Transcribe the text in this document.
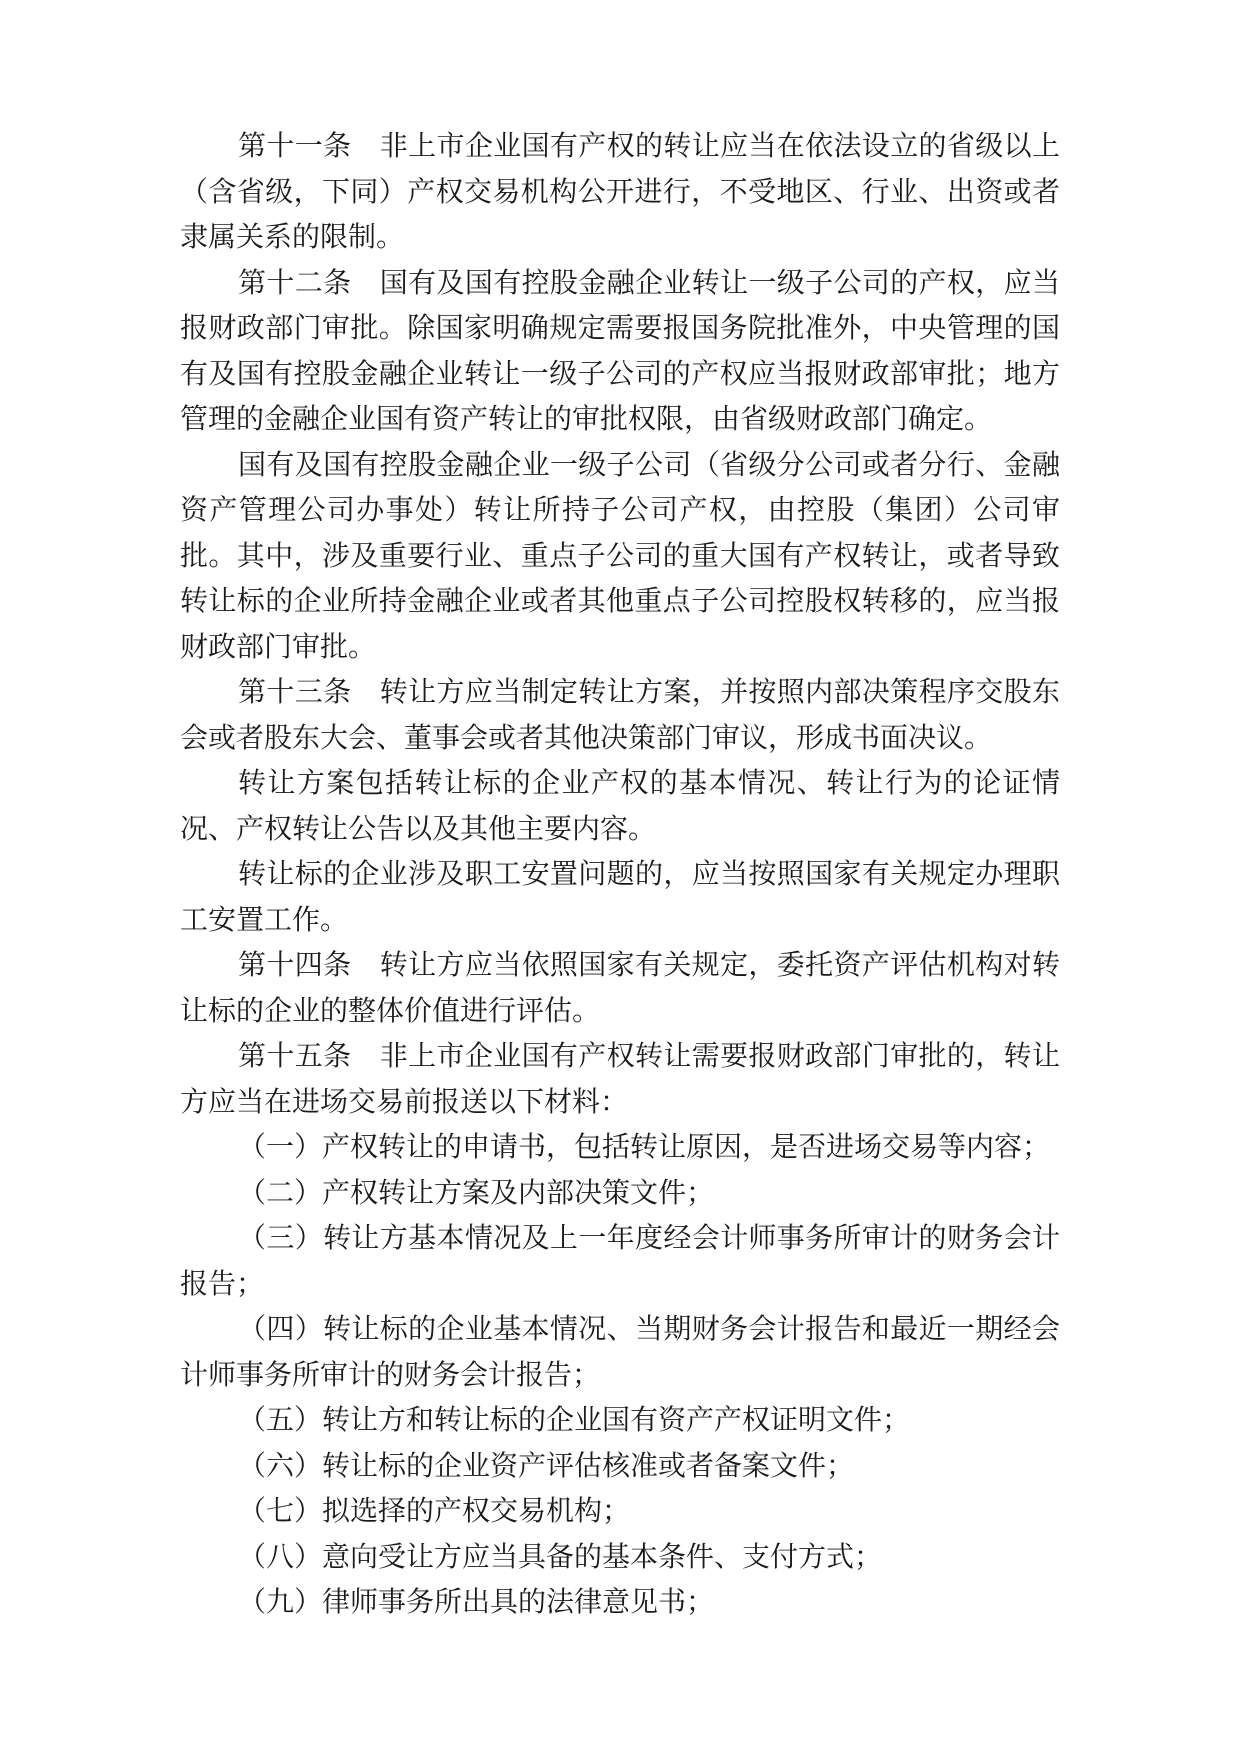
第十一条 非上市企业国有产权的转让应当在依法设立的省级以上（含省级，下同）产权交易机构公开进行，不受地区、行业、出资或者隶属关系的限制。

第十二条 国有及国有控股金融企业转让一级子公司的产权，应当报财政部门审批。除国家明确规定需要报国务院批准外，中央管理的国有及国有控股金融企业转让一级子公司的产权应当报财政部审批；地方管理的金融企业国有资产转让的审批权限，由省级财政部门确定。

国有及国有控股金融企业一级子公司（省级分公司或者分行、金融资产管理公司办事处）转让所持子公司产权，由控股（集团）公司审批。其中，涉及重要行业、重点子公司的重大国有产权转让，或者导致转让标的企业所持金融企业或者其他重点子公司控股权转移的，应当报财政部门审批。

第十三条 转让方应当制定转让方案，并按照内部决策程序交股东会或者股东大会、董事会或者其他决策部门审议，形成书面决议。

转让方案包括转让标的企业产权的基本情况、转让行为的论证情况、产权转让公告以及其他主要内容。

转让标的企业涉及职工安置问题的，应当按照国家有关规定办理职工安置工作。

第十四条 转让方应当依照国家有关规定，委托资产评估机构对转让标的企业的整体价值进行评估。

第十五条 非上市企业国有产权转让需要报财政部门审批的，转让方应当在进场交易前报送以下材料：

（一）产权转让的申请书，包括转让原因，是否进场交易等内容；

（二）产权转让方案及内部决策文件；

（三）转让方基本情况及上一年度经会计师事务所审计的财务会计报告；

（四）转让标的企业基本情况、当期财务会计报告和最近一期经会计师事务所审计的财务会计报告；

（五）转让方和转让标的企业国有资产产权证明文件；

（六）转让标的企业资产评估核准或者备案文件；

（七）拟选择的产权交易机构；

（八）意向受让方应当具备的基本条件、支付方式；

（九）律师事务所出具的法律意见书；
